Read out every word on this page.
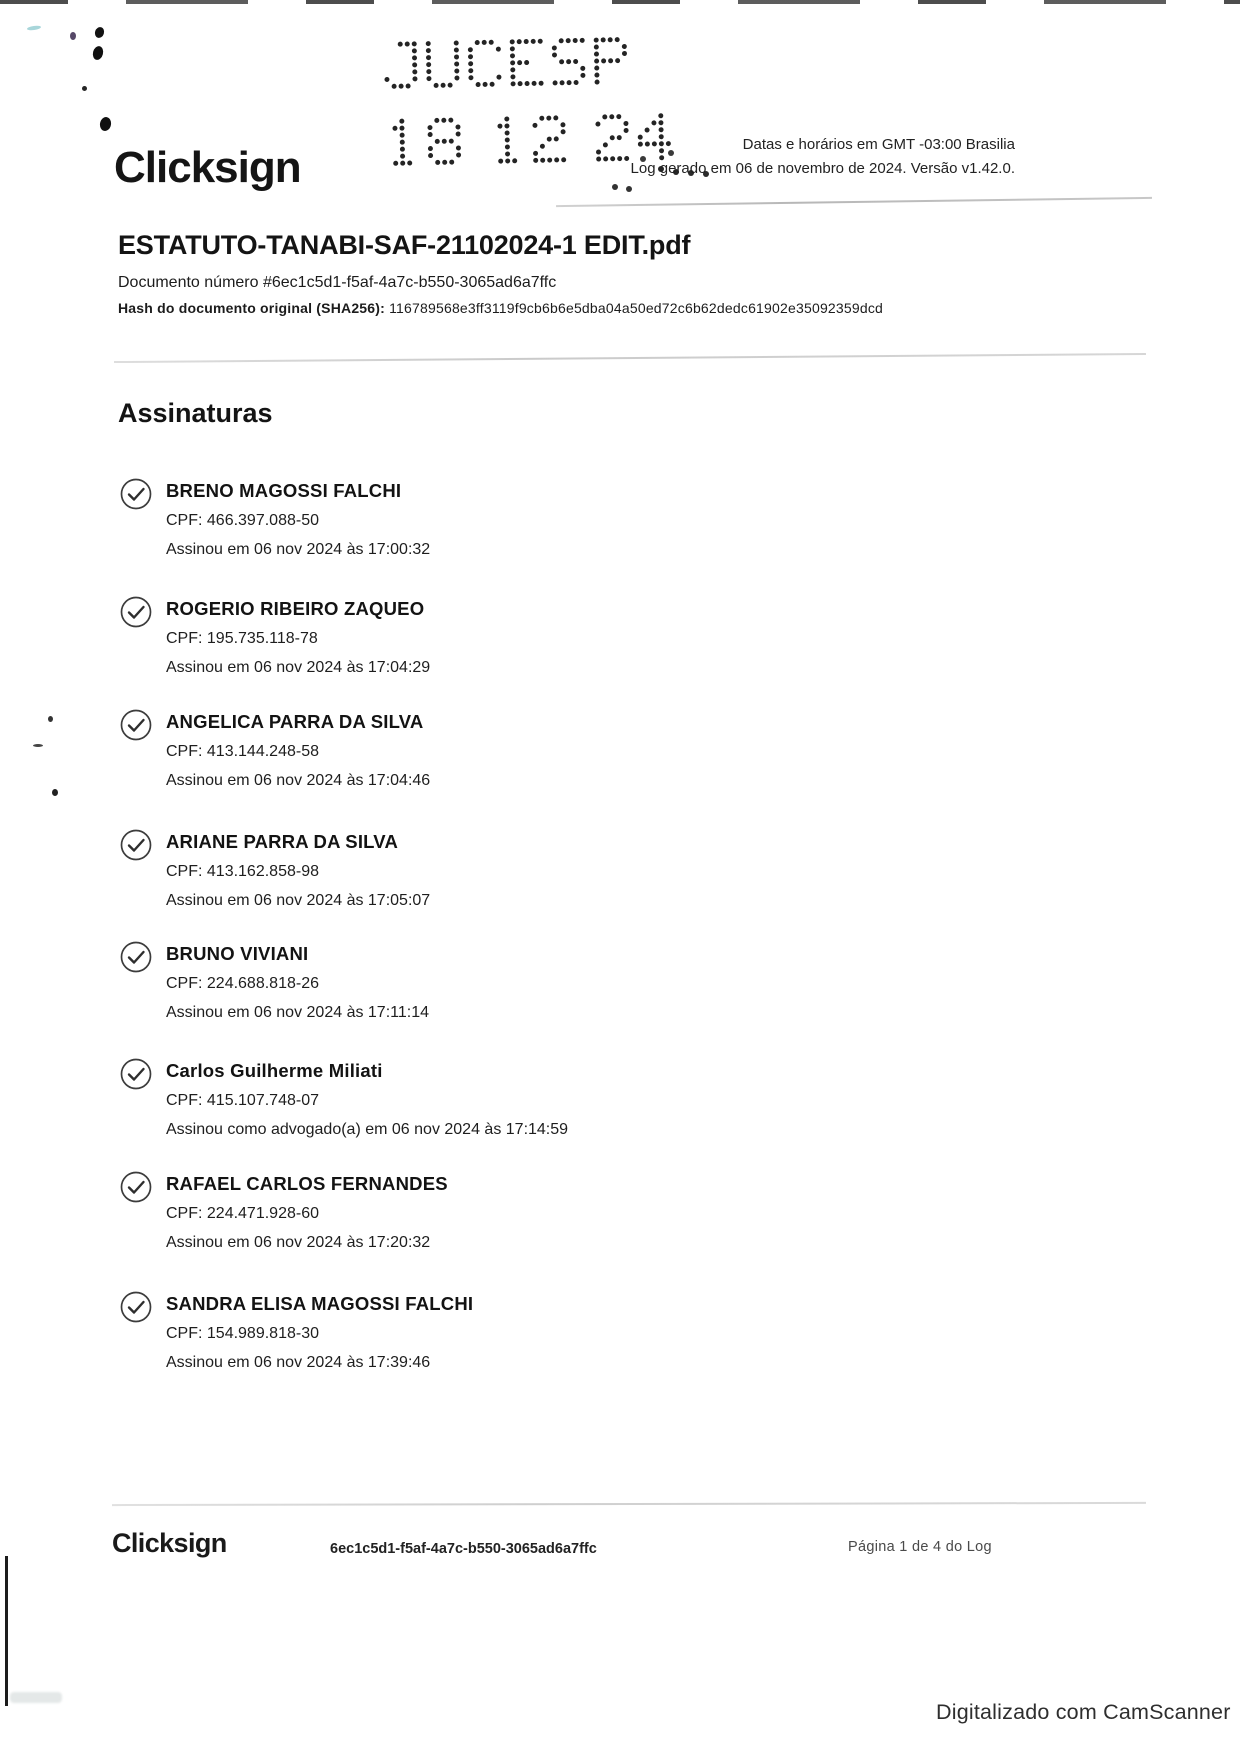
Clicksign	Datas e horários em GMT -03:00 Brasilia
Log gerado em 06 de novembro de 2024. Versão v1.42.0.
ESTATUTO-TANABI-SAF-21102024-1 EDIT.pdf

Documento número #6ec1c5d1-f5af-4a7c-b550-3065ad6a7ffc

Hash do documento original (SHA256): 116789568e3ff3119f9cb6b6e5dba04a50ed72c6b62dedc61902e35092359dcd

Assinaturas
BRENO MAGOSSI FALCHI
CPF: 466.397.088-50
Assinou em 06 nov 2024 às 17:00:32
ROGERIO RIBEIRO ZAQUEO
CPF: 195.735.118-78
Assinou em 06 nov 2024 às 17:04:29
ANGELICA PARRA DA SILVA
CPF: 413.144.248-58
Assinou em 06 nov 2024 às 17:04:46
ARIANE PARRA DA SILVA
CPF: 413.162.858-98
Assinou em 06 nov 2024 às 17:05:07
BRUNO VIVIANI
CPF: 224.688.818-26
Assinou em 06 nov 2024 às 17:11:14
Carlos Guilherme Miliati
CPF: 415.107.748-07
Assinou como advogado(a) em 06 nov 2024 às 17:14:59
RAFAEL CARLOS FERNANDES
CPF: 224.471.928-60
Assinou em 06 nov 2024 às 17:20:32
SANDRA ELISA MAGOSSI FALCHI
CPF: 154.989.818-30
Assinou em 06 nov 2024 às 17:39:46
Clicksign	6ec1c5d1-f5af-4a7c-b550-3065ad6a7ffc	Página 1 de 4 do Log
Digitalizado com CamScanner
